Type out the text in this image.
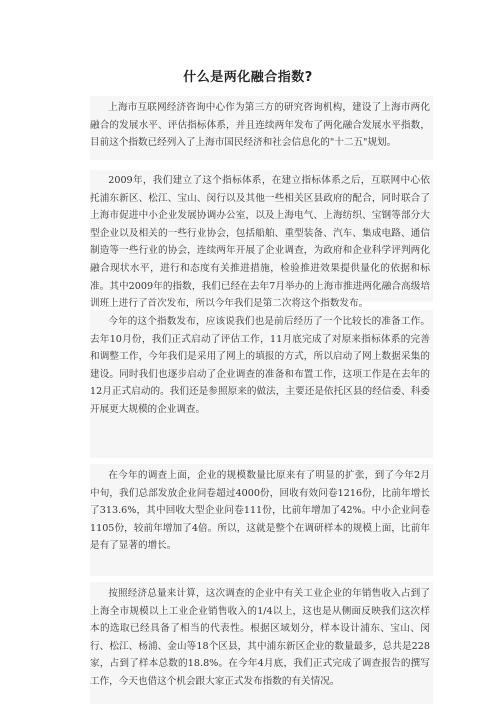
什么是两化融合指数?

上海市互联网经济咨询中心作为第三方的研究咨询机构，建设了上海市两化融合的发展水平、评估指标体系，并且连续两年发布了两化融合发展水平指数，目前这个指数已经列入了上海市国民经济和社会信息化的"十二五"规划。

2009年，我们建立了这个指标体系，在建立指标体系之后，互联网中心依托浦东新区、松江、宝山、闵行以及其他一些相关区县政府的配合，同时联合了上海市促进中小企业发展协调办公室，以及上海电气、上海纺织、宝钢等部分大型企业以及相关的一些行业协会，包括船舶、重型装备、汽车、集成电路、通信制造等一些行业的协会，连续两年开展了企业调查，为政府和企业科学评判两化融合现状水平，进行和态度有关推进措施，检验推进效果提供量化的依据和标准。其中2009年的指数，我们已经在去年7月举办的上海市推进两化融合高级培训班上进行了首次发布，所以今年我们是第二次将这个指数发布。

今年的这个指数发布，应该说我们也是前后经历了一个比较长的准备工作。去年10月份，我们正式启动了评估工作，11月底完成了对原来指标体系的完善和调整工作，今年我们是采用了网上的填报的方式，所以启动了网上数据采集的建设。同时我们也逐步启动了企业调查的准备和布置工作，这项工作是在去年的12月正式启动的。我们还是参照原来的做法，主要还是依托区县的经信委、科委开展更大规模的企业调查。

在今年的调查上面，企业的规模数量比原来有了明显的扩张，到了今年2月中旬，我们总部发放企业问卷超过4000份，回收有效问卷1216份，比前年增长了313.6%，其中回收大型企业问卷111份，比前年增加了42%。中小企业问卷1105份，较前年增加了4倍。所以，这就是整个在调研样本的规模上面，比前年是有了显著的增长。

按照经济总量来计算，这次调查的企业中有关工业企业的年销售收入占到了上海全市规模以上工业企业销售收入的1/4以上，这也是从侧面反映我们这次样本的选取已经具备了相当的代表性。根据区域划分，样本设计浦东、宝山、闵行、松江、杨浦、金山等18个区县，其中浦东新区企业的数量最多，总共是228家，占到了样本总数的18.8%。在今年4月底，我们正式完成了调查报告的撰写工作，今天也借这个机会跟大家正式发布指数的有关情况。
